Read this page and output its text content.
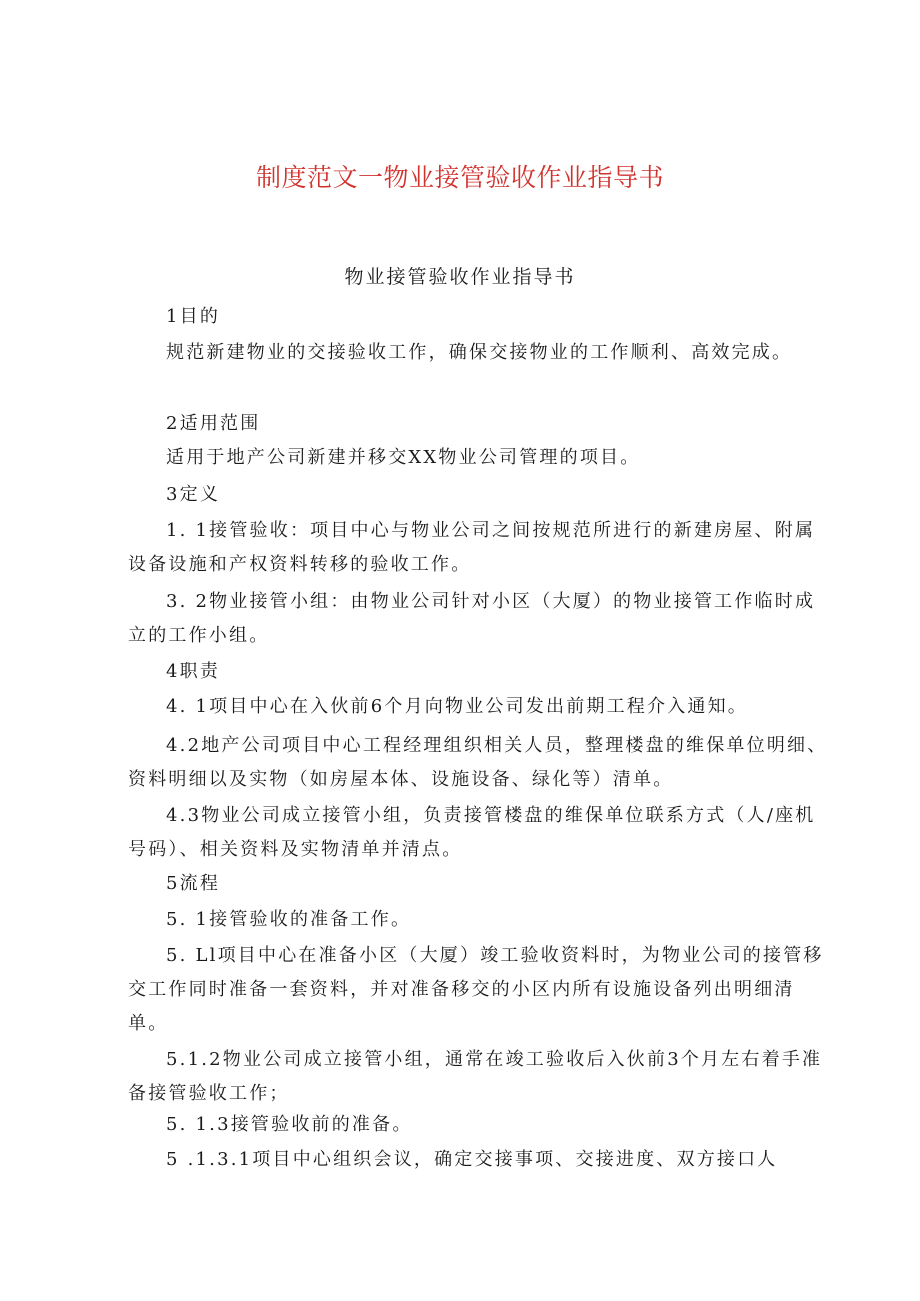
制度范文一物业接管验收作业指导书
物业接管验收作业指导书

1目的

规范新建物业的交接验收工作，确保交接物业的工作顺利、高效完成。

2适用范围

适用于地产公司新建并移交XX物业公司管理的项目。

3定义

1. 1接管验收：项目中心与物业公司之间按规范所进行的新建房屋、附属设备设施和产权资料转移的验收工作。

3. 2物业接管小组：由物业公司针对小区（大厦）的物业接管工作临时成立的工作小组。

4职责

4. 1项目中心在入伙前6个月向物业公司发出前期工程介入通知。

4.2地产公司项目中心工程经理组织相关人员，整理楼盘的维保单位明细、资料明细以及实物（如房屋本体、设施设备、绿化等）清单。

4.3物业公司成立接管小组，负责接管楼盘的维保单位联系方式（人/座机号码）、相关资料及实物清单并清点。

5流程

5. 1接管验收的准备工作。

5. Ll项目中心在准备小区（大厦）竣工验收资料时，为物业公司的接管移交工作同时准备一套资料，并对准备移交的小区内所有设施设备列出明细清单。

5.1.2物业公司成立接管小组，通常在竣工验收后入伙前3个月左右着手准备接管验收工作；

5. 1.3接管验收前的准备。

5 .1.3.1项目中心组织会议，确定交接事项、交接进度、双方接口人
